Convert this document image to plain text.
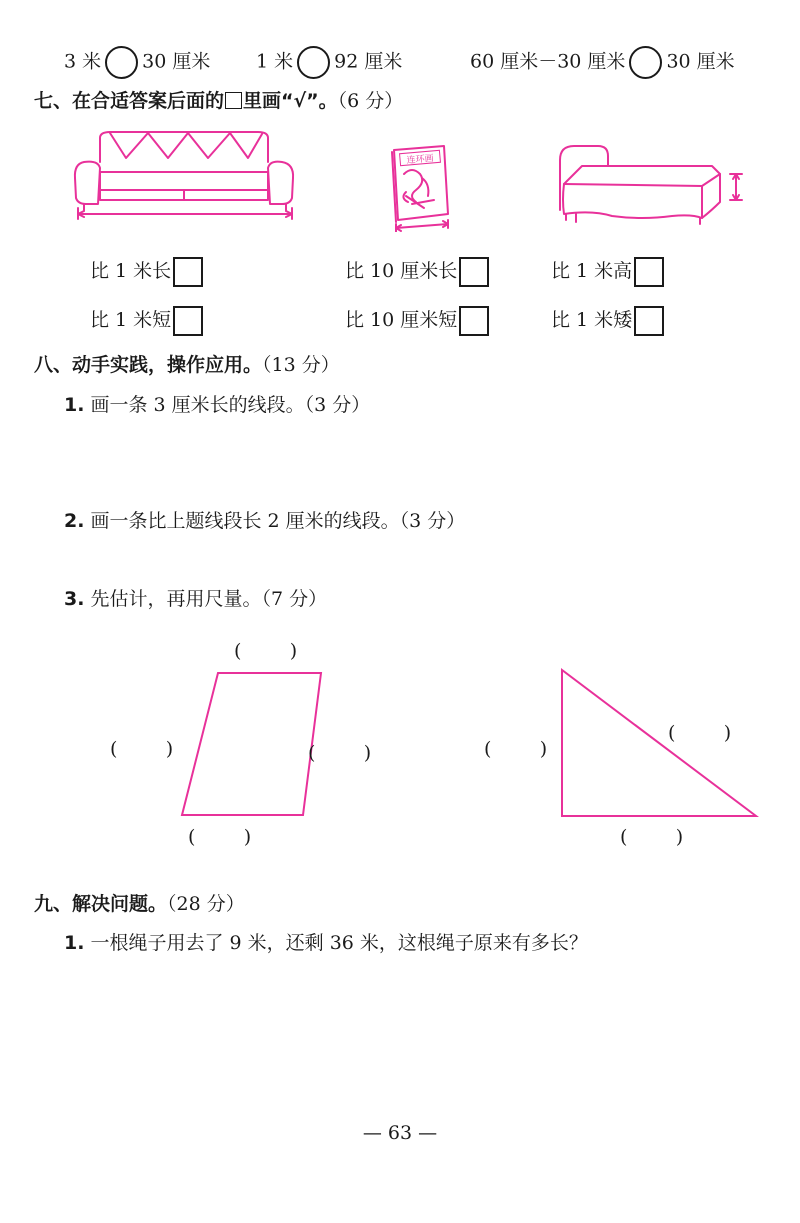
3 米 30 厘米 1 米 92 厘米	60 厘米－30 厘米 30 厘米
七、在合适答案后面的 里画“√”。（6 分）
连环画
比 1 米长	比 10 厘米长	比 1 米高
比 1 米短	比 10 厘米短	比 1 米矮
八、动手实践，操作应用。（13 分）
1. 画一条 3 厘米长的线段。（3 分）
2. 画一条比上题线段长 2 厘米的线段。（3 分）
3. 先估计，再用尺量。（7 分）
(        )
(        )	(        )
(        )
(        )
(        )
(        )
九、解决问题。（28 分）
1. 一根绳子用去了 9 米，还剩 36 米，这根绳子原来有多长？
— 63 —
